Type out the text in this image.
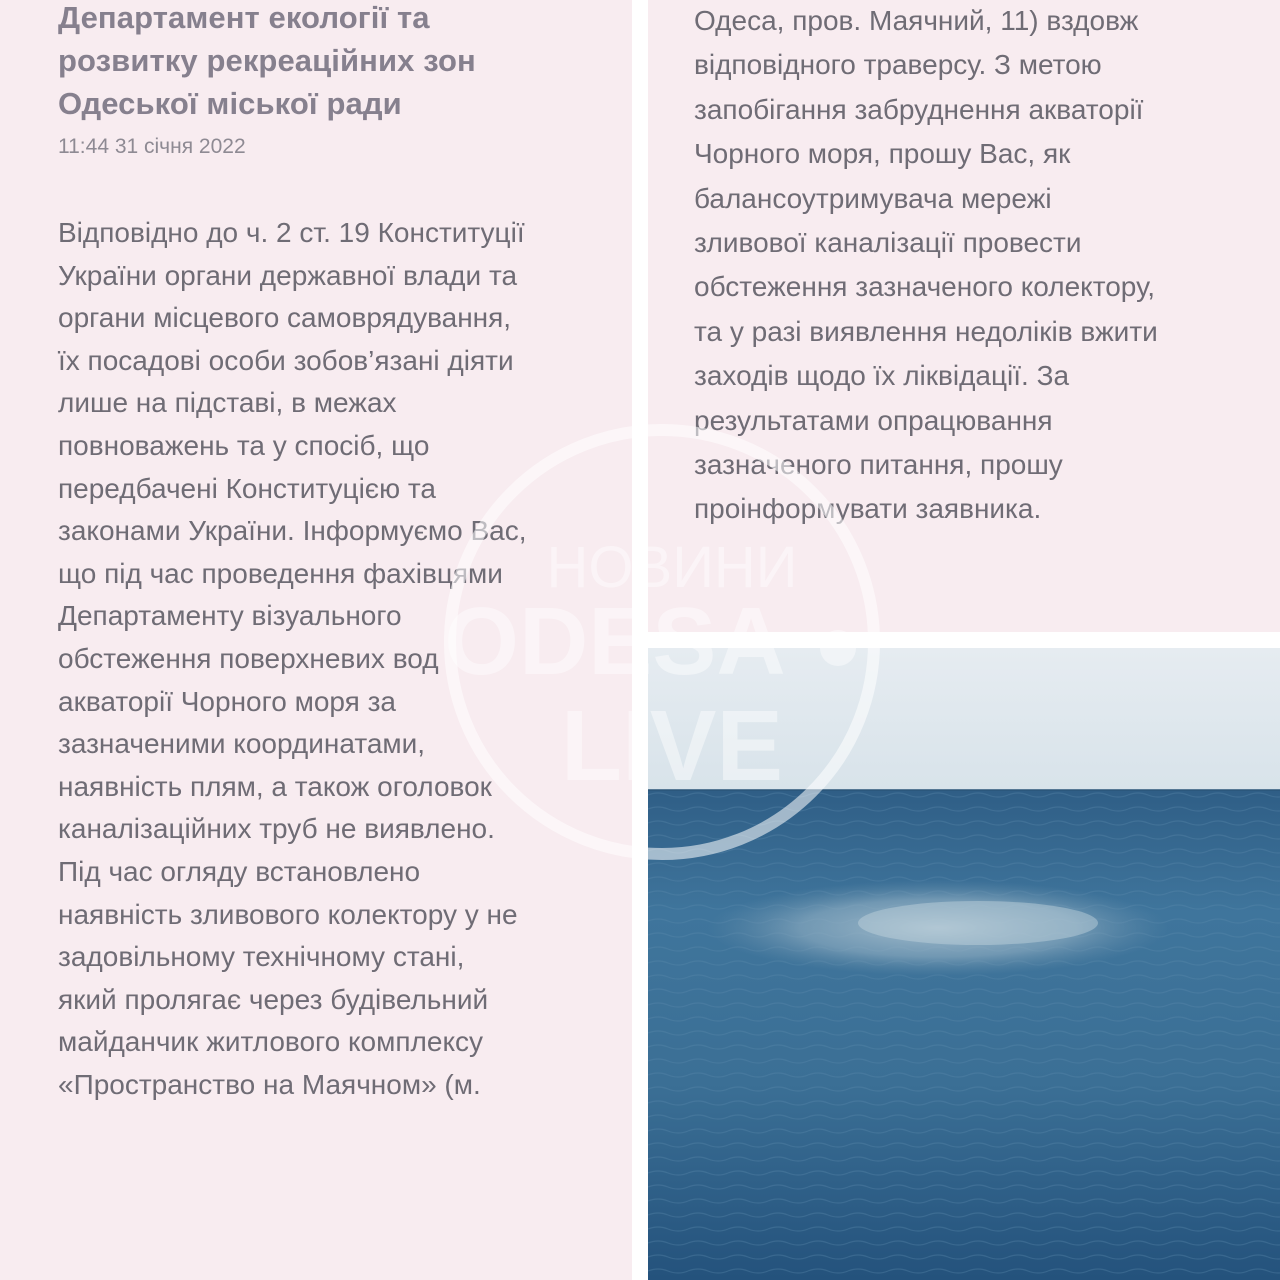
Департамент екології та розвитку рекреаційних зон Одеської міської ради
11:44 31 січня 2022

Відповідно до ч. 2 ст. 19 Конституції України органи державної влади та органи місцевого самоврядування, їх посадові особи зобов’язані діяти лише на підставі, в межах повноважень та у спосіб, що передбачені Конституцією та законами України. Інформуємо Вас, що під час проведення фахівцями Департаменту візуального обстеження поверхневих вод акваторії Чорного моря за зазначеними координатами, наявність плям, а також оголовок каналізаційних труб не виявлено. Під час огляду встановлено наявність зливового колектору у не задовільному технічному стані, який пролягає через будівельний майданчик житлового комплексу «Пространство на Маячном» (м.

Одеса, пров. Маячний, 11) вздовж відповідного траверсу. З метою запобігання забруднення акваторії Чорного моря, прошу Вас, як балансоутримувача мережі зливової каналізації провести обстеження зазначеного колектору, та у разі виявлення недоліків вжити заходів щодо їх ліквідації. За результатами опрацювання зазначеного питання, прошу проінформувати заявника.

НОВИНИ
ODESA
LIVE
